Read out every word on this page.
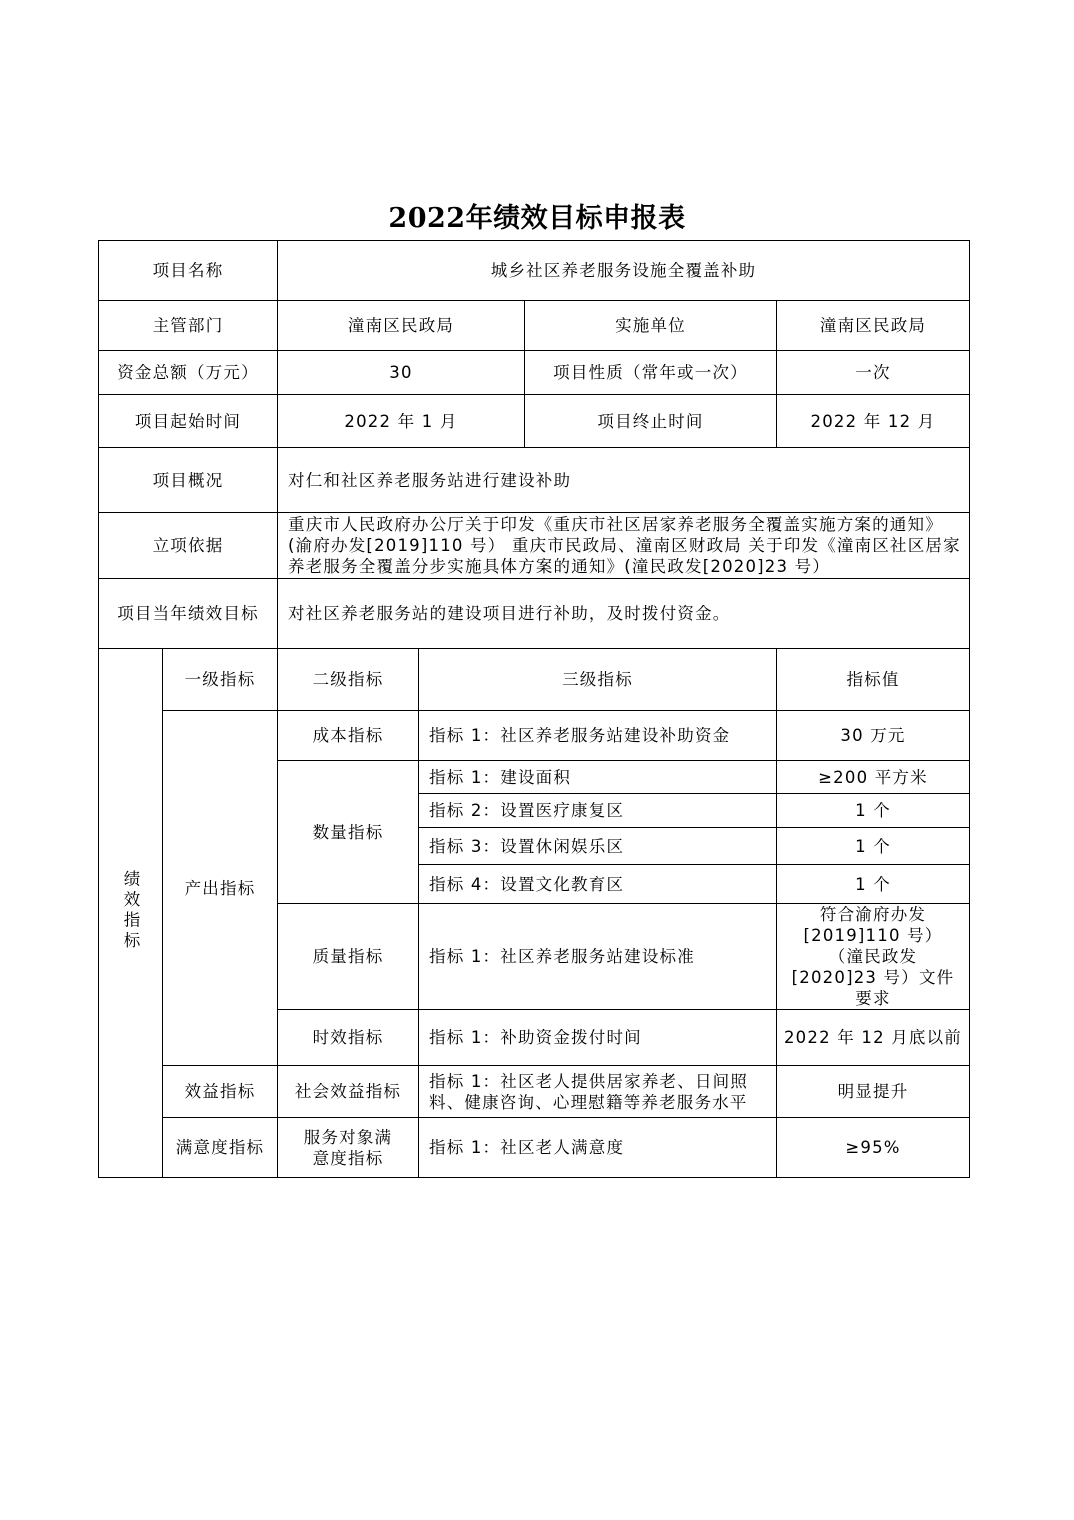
2022年绩效目标申报表
项目名称		城乡社区养老服务设施全覆盖补助			
主管部门		潼南区民政局		实施单位	潼南区民政局
资金总额（万元）		30		项目性质（常年或一次）	一次
项目起始时间		2022 年 1 月		项目终止时间	2022 年 12 月
项目概况		对仁和社区养老服务站进行建设补助			
立项依据		重庆市人民政府办公厅关于印发《重庆市社区居家养老服务全覆盖实施方案的通知》(渝府办发[2019]110 号） 重庆市民政局、潼南区财政局 关于印发《潼南区社区居家养老服务全覆盖分步实施具体方案的通知》(潼民政发[2020]23 号）			
项目当年绩效目标		对社区养老服务站的建设项目进行补助，及时拨付资金。			
绩效指标	一级指标	二级指标	三级指标		指标值
	产出指标	成本指标	指标 1：社区养老服务站建设补助资金		30 万元
		数量指标	指标 1：建设面积		≥200 平方米
			指标 2：设置医疗康复区		1 个
			指标 3：设置休闲娱乐区		1 个
			指标 4：设置文化教育区		1 个
		质量指标	指标 1：社区养老服务站建设标准		符合渝府办发[2019]110 号） （潼民政发[2020]23 号）文件要求
		时效指标	指标 1：补助资金拨付时间		2022 年 12 月底以前
	效益指标	社会效益指标	指标 1：社区老人提供居家养老、日间照料、健康咨询、心理慰籍等养老服务水平		明显提升
	满意度指标	服务对象满意度指标	指标 1：社区老人满意度		≥95%
